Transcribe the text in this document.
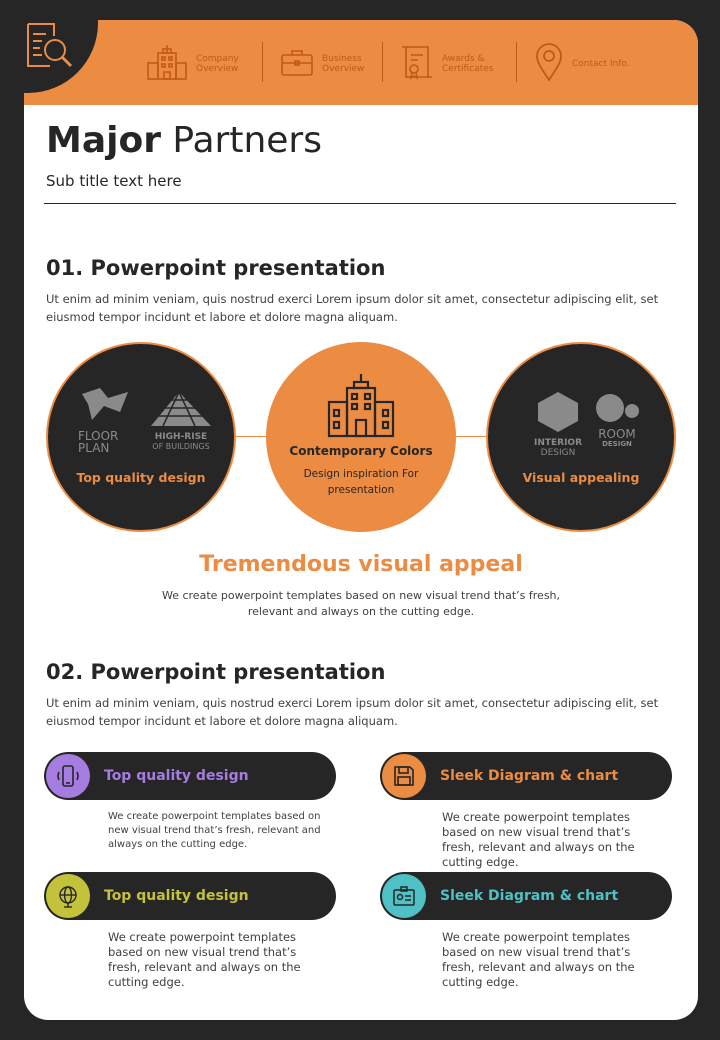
Company Overview
Business Overview
Awards & Certificates	Contact Info.
Major Partners
Sub title text here
01. Powerpoint presentation
Ut enim ad minim veniam, quis nostrud exerci Lorem ipsum dolor sit amet, consectetur adipiscing elit, set eiusmod tempor incidunt et labore et dolore magna aliquam.
FLOOR
PLAN
HIGH-RISE
OF BUILDINGS
Top quality design
Contemporary Colors
Design inspiration For presentation
INTERIOR
DESIGN
ROOM
DESIGN
Visual appealing
Tremendous visual appeal
We create powerpoint templates based on new visual trend that’s fresh, relevant and always on the cutting edge.
02. Powerpoint presentation
Ut enim ad minim veniam, quis nostrud exerci Lorem ipsum dolor sit amet, consectetur adipiscing elit, set eiusmod tempor incidunt et labore et dolore magna aliquam.
Top quality design
We create powerpoint templates based on new visual trend that’s fresh, relevant and always on the cutting edge.
Sleek Diagram & chart
We create powerpoint templates based on new visual trend that’s fresh, relevant and always on the cutting edge.
Top quality design
We create powerpoint templates based on new visual trend that’s fresh, relevant and always on the cutting edge.
Sleek Diagram & chart
We create powerpoint templates based on new visual trend that’s fresh, relevant and always on the cutting edge.
